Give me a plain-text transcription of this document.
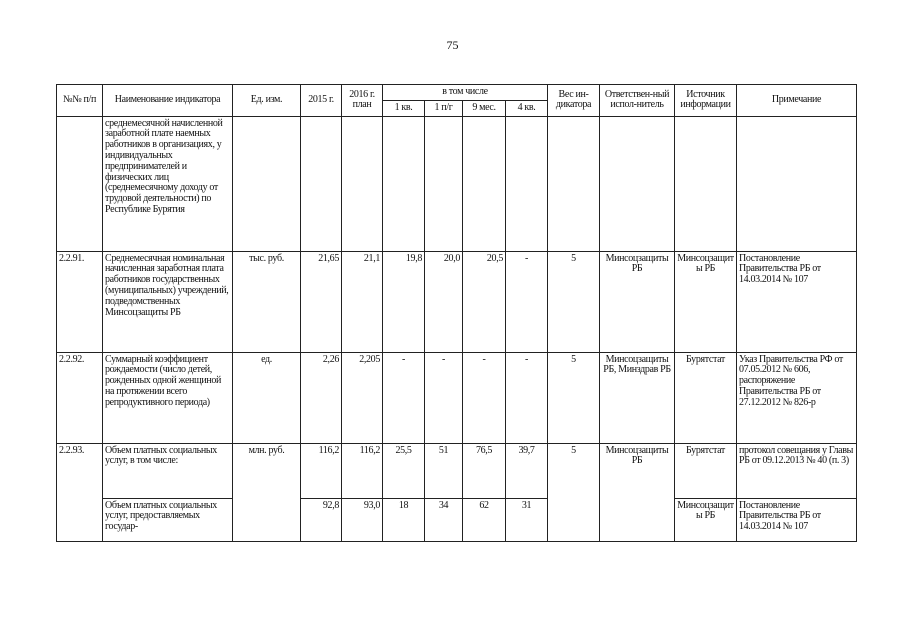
75
№№ п/п	Наименование индикатора	Ед. изм.	2015 г.	2016 г. план	в том числе				Вес ин-дикатора	Ответствен-ный испол-нитель	Источник информации	Примечание
					1 кв.	1 п/г	9 мес.	4 кв.				
	среднемесячной начисленной заработной плате наемных работников в организациях, у индивидуальных предпринимателей и физических лиц (среднемесячному доходу от трудовой деятельности) по Республике Бурятия											
2.2.91.	Среднемесячная номинальная начисленная заработная плата работников государственных (муниципальных) учреждений, подведомственных Минсоцзащиты РБ	тыс. руб.	21,65	21,1	19,8	20,0	20,5	-	5	Минсоцзащиты РБ	Минсоцзащиты РБ	Постановление Правительства РБ от 14.03.2014 № 107
2.2.92.	Суммарный коэффициент рождаемости (число детей, рожденных одной женщиной на протяжении всего репродуктивного периода)	ед.	2,26	2,205	-	-	-	-	5	Минсоцзащиты РБ, Минздрав РБ	Бурятстат	Указ Правительства РФ от 07.05.2012 № 606, распоряжение Правительства РБ от 27.12.2012 № 826-р
2.2.93.	Объем платных социальных услуг, в том числе:	млн. руб.	116,2	116,2	25,5	51	76,5	39,7	5	Минсоцзащиты РБ	Бурятстат	протокол совещания у Главы РБ от 09.12.2013 № 40 (п. 3)
	Объем платных социальных услуг, предоставляемых государ-		92,8	93,0	18	34	62	31			Минсоцзащиты РБ	Постановление Правительства РБ от 14.03.2014 № 107
